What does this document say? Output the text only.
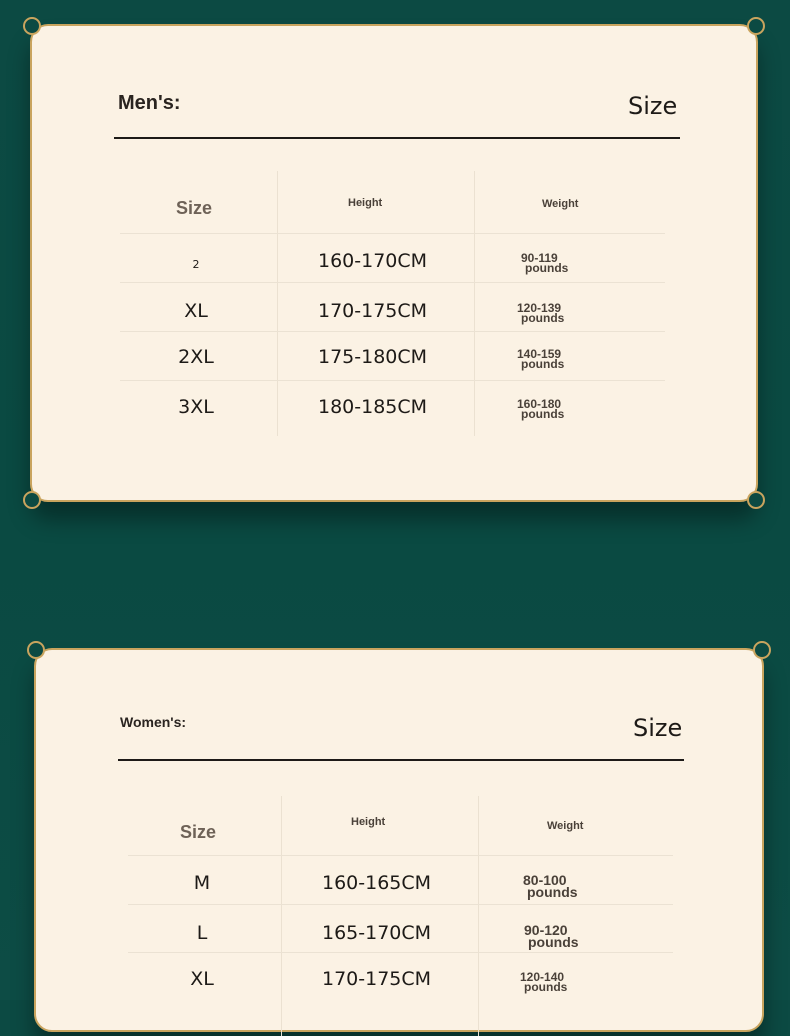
Men's:	Size
Size	Height	Weight
2	160-170CM	90-119
pounds
XL	170-175CM	120-139
pounds
2XL	175-180CM	140-159
pounds
3XL	180-185CM	160-180
pounds
Women's:	Size
Size	Height	Weight
M	160-165CM	80-100
pounds
L	165-170CM	90-120
pounds
XL	170-175CM	120-140
pounds
